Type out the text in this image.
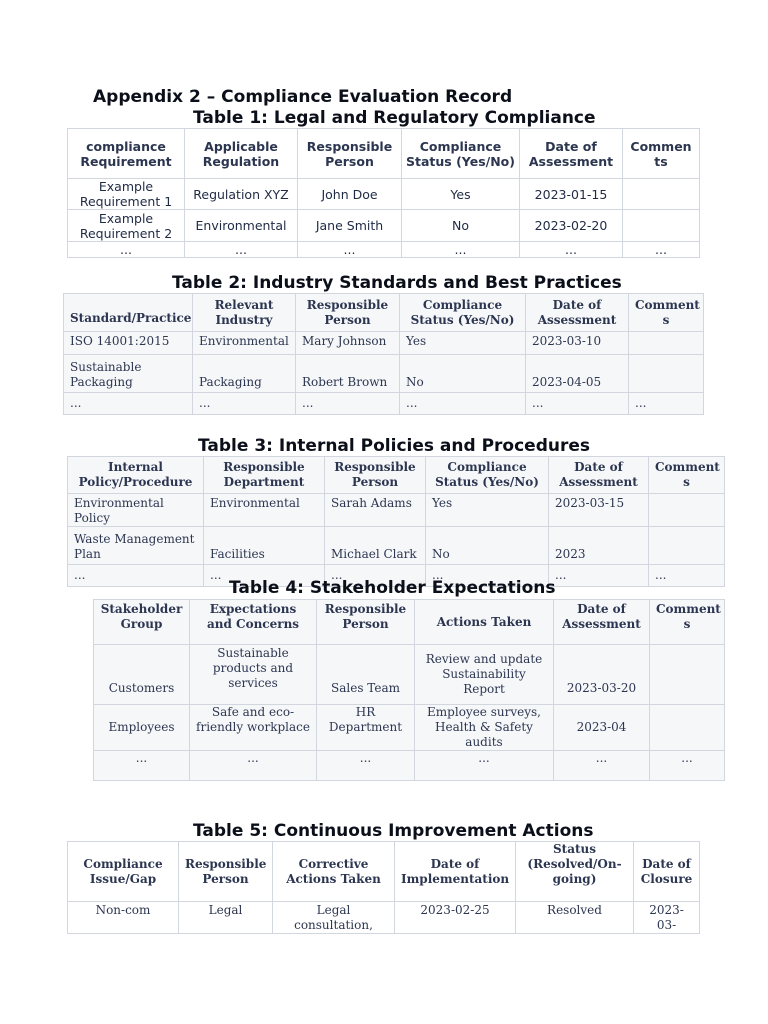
Appendix 2 – Compliance Evaluation Record
Table 1: Legal and Regulatory Compliance
compliance Requirement	Applicable Regulation	Responsible Person	Compliance Status (Yes/No)	Date of Assessment	Commen ts
Example Requirement 1	Regulation XYZ	John Doe	Yes	2023-01-15	
Example Requirement 2	Environmental	Jane Smith	No	2023-02-20	
...	...	...	...	...	...
Table 2: Industry Standards and Best Practices
Standard/Practice	Relevant Industry	Responsible Person	Compliance Status (Yes/No)	Date of Assessment	Comment s
ISO 14001:2015	Environmental	Mary Johnson	Yes	2023-03-10	
Sustainable Packaging	Packaging	Robert Brown	No	2023-04-05	
...	...	...	...	...	...
Table 3: Internal Policies and Procedures
Internal Policy/Procedure	Responsible Department	Responsible Person	Compliance Status (Yes/No)	Date of Assessment	Comment s
Environmental Policy	Environmental	Sarah Adams	Yes	2023-03-15	
Waste Management Plan	Facilities	Michael Clark	No	2023	
...	...	...	...	...	...
Table 4: Stakeholder Expectations
Stakeholder Group	Expectations and Concerns	Responsible Person	Actions Taken	Date of Assessment	Comment s
Customers	Sustainable products and services	Sales Team	Review and update Sustainability Report	2023-03-20	
Employees	Safe and eco-friendly workplace	HR Department	Employee surveys, Health & Safety audits	2023-04	
...	...	...	...	...	...
Table 5: Continuous Improvement Actions
Compliance Issue/Gap	Responsible Person	Corrective Actions Taken	Date of Implementation	Status (Resolved/On-going)	Date of Closure
Non-com	Legal	Legal consultation,	2023-02-25	Resolved	2023-03-
